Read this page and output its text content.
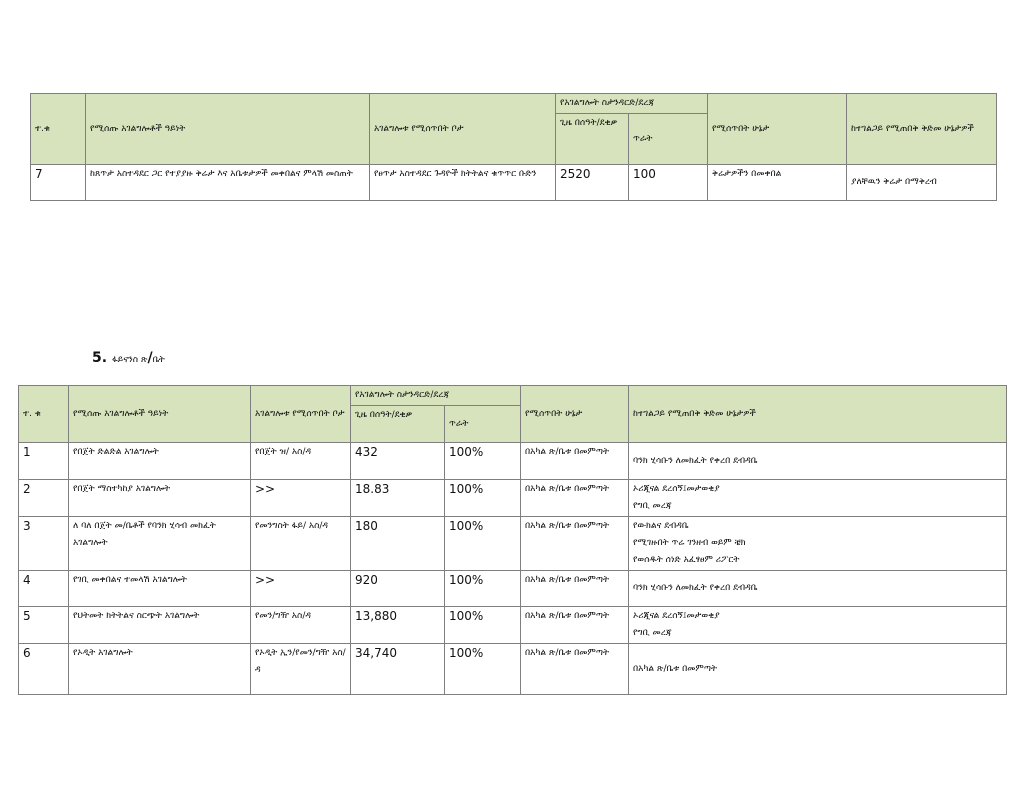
ተ.ቁ	የሚሰጡ አገልግሎቶች ዓይነት	አገልግሎቱ የሚሰጥበት ቦታ	የአገልግሎት ስታንዳርድ/ደረጃ		የሚሰጥበት ሁኔታ	ከተገልጋይ የሚጠበቅ ቅድመ ሁኔታዎች
			ጊዜ በሰዓት/ደቂቃ	ጥራት		
7	ከጸጥታ አስተዳደር ጋር የተያያዙ ቅሬታ እና አቤቱታዎች መቀበልና ምላሽ መስጠት	የፀጥታ አስተዳደር ጉዳዮች ክትትልና ቁጥጥር ቡድን	2520	100	ቅሬታዎችን በመቀበል	ያለቸዉን ቅሬታ በማቅረብ
5. ፋይናንስ ጽ/ቤት
ተ. ቁ	የሚሰጡ አገልግሎቶች ዓይነት	አገልግሎቱ የሚሰጥበት ቦታ	የአገልግሎት ስታንዳርድ/ደረጃ		የሚሰጥበት ሁኔታ	ከተገልጋይ የሚጠበቅ ቅድመ ሁኔታዎች
			ጊዜ በሰዓት/ደቂቃ	ጥራት		
1	የበጀት ድልድል አገልግሎት	የበጀት ዝ/ አስ/ዳ	432	100%	በአካል ጽ/ቤቱ በመምጣት	ባንክ ሂሳቡን ለመክፈት የቀረበ ደብዳቤ

2	የበጀት ማስተካከያ አገልግሎት	>>	18.83	100%	በአካል ጽ/ቤቱ በመምጣት	ኦሪጂናል ደረሰኝ፤መታወቂያ
የግቢ መረጃ

3	ለ ባለ በጀት መ/ቤቶች የባንክ ሂሳብ መክፈት አገልግሎት	የመንግስት ፋይ/ አስ/ዳ	180	100%	በአካል ጽ/ቤቱ በመምጣት	የውክልና ደብዳቤ
የሚገዙበት ጥሬ ገንዘብ ወይም ቼክ
የወሰዱት ሰነድ አፈፃፀም ሪፖርት

4	የገቢ መቀበልና ተመላሽ አገልግሎት	>>	920	100%	በአካል ጽ/ቤቱ በመምጣት	ባንክ ሂሳቡን ለመክፈት የቀረበ ደብዳቤ

5	የህትመት ክትትልና ስርጭት አገልግሎት	የመን/ግዥ አስ/ዳ	13,880	100%	በአካል ጽ/ቤቱ በመምጣት	ኦሪጂናል ደረሰኝ፤መታወቂያ
የግቢ መረጃ

6	የኦዲት አገልግሎት	የኦዲት ኢን/የመን/ግዥ አስ/ዳ	34,740	100%	በአካል ጽ/ቤቱ በመምጣት	በአካል ጽ/ቤቱ በመምጣት
